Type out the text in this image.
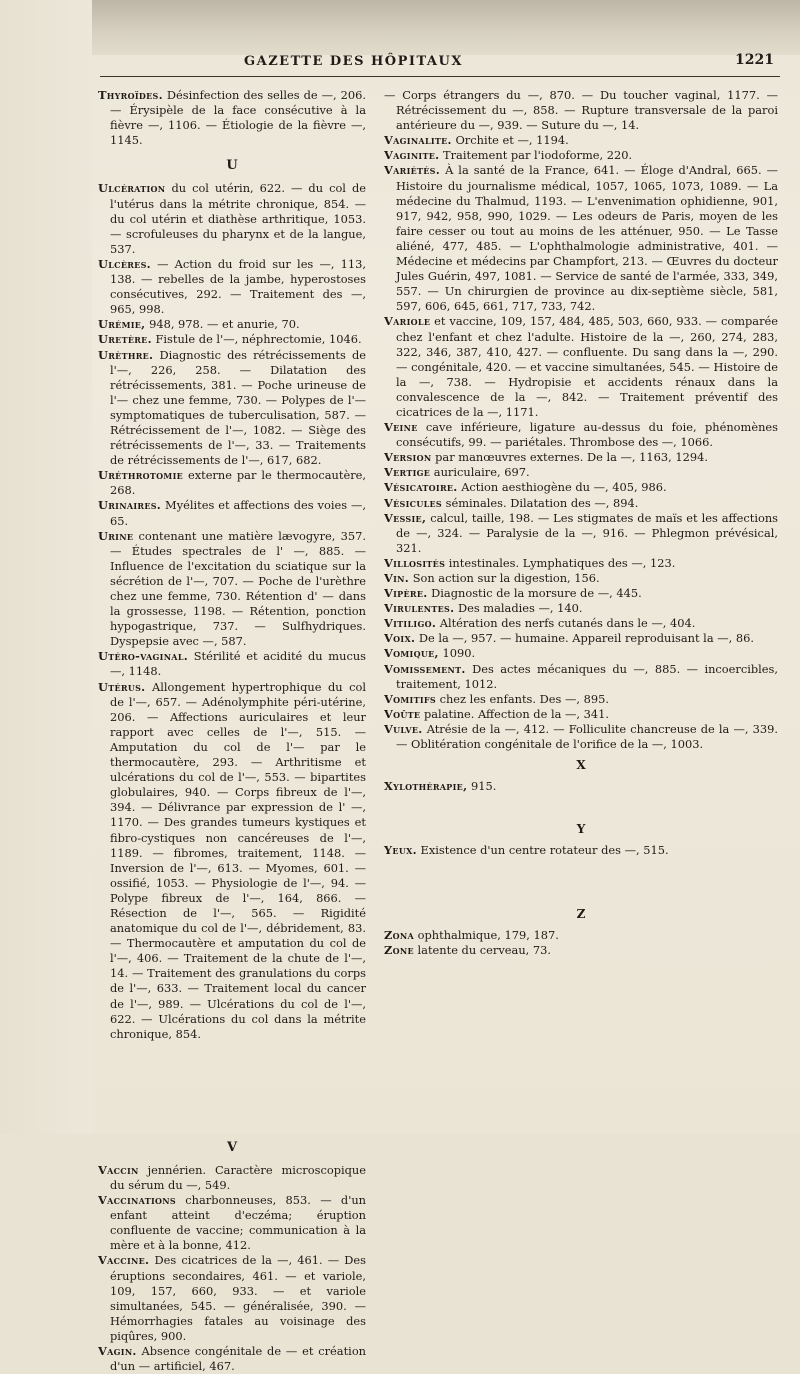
GAZETTE DES HÔPITAUX	1221

Thyroïdes. Désinfection des selles de —, 206. — Érysipèle de la face consécutive à la fièvre —, 1106. — Étiologie de la fièvre —, 1145.

U

Ulcération du col utérin, 622. — du col de l'utérus dans la métrite chronique, 854. — du col utérin et diathèse arthritique, 1053. — scrofuleuses du pharynx et de la langue, 537.

Ulcères. — Action du froid sur les —, 113, 138. — rebelles de la jambe, hyperostoses consécutives, 292. — Traitement des —, 965, 998.

Urémie, 948, 978. — et anurie, 70.

Uretère. Fistule de l'—, néphrectomie, 1046.

Urèthre. Diagnostic des rétrécissements de l'—, 226, 258. — Dilatation des rétrécissements, 381. — Poche urineuse de l'— chez une femme, 730. — Polypes de l'— symptomatiques de tuberculisation, 587. — Rétrécissement de l'—, 1082. — Siège des rétrécissements de l'—, 33. — Traitements de rétrécissements de l'—, 617, 682.

Uréthrotomie externe par le thermocautère, 268.

Urinaires. Myélites et affections des voies —, 65.

Urine contenant une matière lævogyre, 357. — Études spectrales de l' —, 885. — Influence de l'excitation du sciatique sur la sécrétion de l'—, 707. — Poche de l'urèthre chez une femme, 730. Rétention d' — dans la grossesse, 1198. — Rétention, ponction hypogastrique, 737. — Sulfhydriques. Dyspepsie avec —, 587.

Utéro-vaginal. Stérilité et acidité du mucus —, 1148.

Utérus. Allongement hypertrophique du col de l'—, 657. — Adénolymphite péri-utérine, 206. — Affections auriculaires et leur rapport avec celles de l'—, 515. — Amputation du col de l'— par le thermocautère, 293. — Arthritisme et ulcérations du col de l'—, 553. — bipartites globulaires, 940. — Corps fibreux de l'—, 394. — Délivrance par expression de l' —, 1170. — Des grandes tumeurs kystiques et fibro-cystiques non cancéreuses de l'—, 1189. — fibromes, traitement, 1148. — Inversion de l'—, 613. — Myomes, 601. — ossifié, 1053. — Physiologie de l'—, 94. — Polype fibreux de l'—, 164, 866. — Résection de l'—, 565. — Rigidité anatomique du col de l'—, débridement, 83. — Thermocautère et amputation du col de l'—, 406. — Traitement de la chute de l'—, 14. — Traitement des granulations du corps de l'—, 633. — Traitement local du cancer de l'—, 989. — Ulcérations du col de l'—, 622. — Ulcérations du col dans la métrite chronique, 854.

V

Vaccin jennérien. Caractère microscopique du sérum du —, 549.

Vaccinations charbonneuses, 853. — d'un enfant atteint d'eczéma; éruption confluente de vaccine; communication à la mère et à la bonne, 412.

Vaccine. Des cicatrices de la —, 461. — Des éruptions secondaires, 461. — et variole, 109, 157, 660, 933. — et variole simultanées, 545. — généralisée, 390. — Hémorrhagies fatales au voisinage des piqûres, 900.

Vagin. Absence congénitale de — et création d'un — artificiel, 467.

— Corps étrangers du —, 870. — Du toucher vaginal, 1177. — Rétrécissement du —, 858. — Rupture transversale de la paroi antérieure du —, 939. — Suture du —, 14.

Vaginalite. Orchite et —, 1194.

Vaginite. Traitement par l'iodoforme, 220.

Variétés. À la santé de la France, 641. — Éloge d'Andral, 665. — Histoire du journalisme médical, 1057, 1065, 1073, 1089. — La médecine du Thalmud, 1193. — L'envenimation ophidienne, 901, 917, 942, 958, 990, 1029. — Les odeurs de Paris, moyen de les faire cesser ou tout au moins de les atténuer, 950. — Le Tasse aliéné, 477, 485. — L'ophthalmologie administrative, 401. — Médecine et médecins par Champfort, 213. — Œuvres du docteur Jules Guérin, 497, 1081. — Service de santé de l'armée, 333, 349, 557. — Un chirurgien de province au dix-septième siècle, 581, 597, 606, 645, 661, 717, 733, 742.

Variole et vaccine, 109, 157, 484, 485, 503, 660, 933. — comparée chez l'enfant et chez l'adulte. Histoire de la —, 260, 274, 283, 322, 346, 387, 410, 427. — confluente. Du sang dans la —, 290. — congénitale, 420. — et vaccine simultanées, 545. — Histoire de la —, 738. — Hydropisie et accidents rénaux dans la convalescence de la —, 842. — Traitement préventif des cicatrices de la —, 1171.

Veine cave inférieure, ligature au-dessus du foie, phénomènes consécutifs, 99. — pariétales. Thrombose des —, 1066.

Version par manœuvres externes. De la —, 1163, 1294.

Vertige auriculaire, 697.

Vésicatoire. Action aesthiogène du —, 405, 986.

Vésicules séminales. Dilatation des —, 894.

Vessie, calcul, taille, 198. — Les stigmates de maïs et les affections de —, 324. — Paralysie de la —, 916. — Phlegmon prévésical, 321.

Villosités intestinales. Lymphatiques des —, 123.

Vin. Son action sur la digestion, 156.

Vipère. Diagnostic de la morsure de —, 445.

Virulentes. Des maladies —, 140.

Vitiligo. Altération des nerfs cutanés dans le —, 404.

Voix. De la —, 957. — humaine. Appareil reproduisant la —, 86.

Vomique, 1090.

Vomissement. Des actes mécaniques du —, 885. — incoercibles, traitement, 1012.

Vomitifs chez les enfants. Des —, 895.

Voûte palatine. Affection de la —, 341.

Vulve. Atrésie de la —, 412. — Folliculite chancreuse de la —, 339. — Oblitération congénitale de l'orifice de la —, 1003.

X

Xylothérapie, 915.

Y

Yeux. Existence d'un centre rotateur des —, 515.

Z

Zona ophthalmique, 179, 187.

Zone latente du cerveau, 73.
